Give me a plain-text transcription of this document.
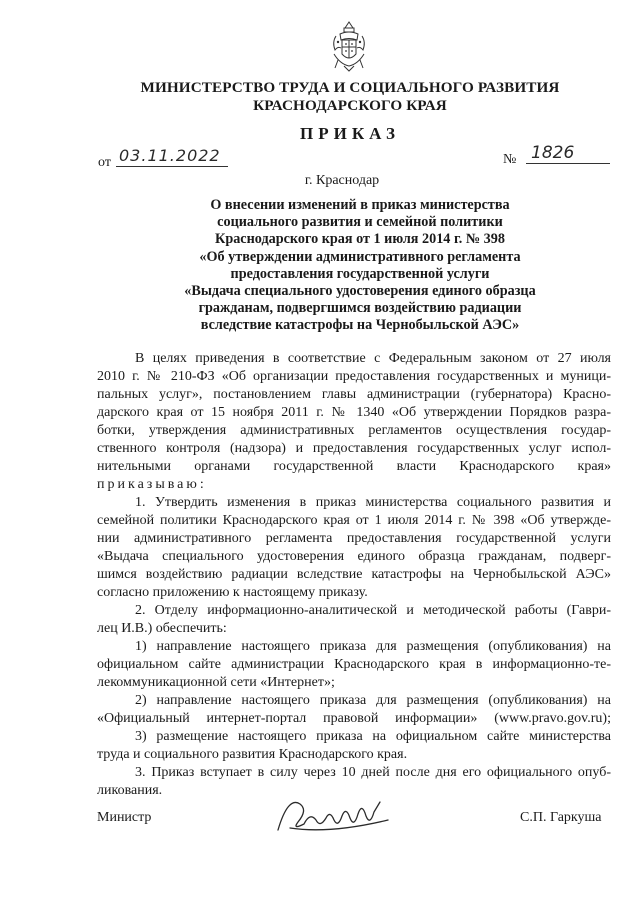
МИНИСТЕРСТВО ТРУДА И СОЦИАЛЬНОГО РАЗВИТИЯ
КРАСНОДАРСКОГО КРАЯ
ПРИКАЗ
от 03.11.2022	№ 1826
г. Краснодар
О внесении изменений в приказ министерства
социального развития и семейной политики
Краснодарского края от 1 июля 2014 г. № 398
«Об утверждении административного регламента
предоставления государственной услуги
«Выдача специального удостоверения единого образца
гражданам, подвергшимся воздействию радиации
вследствие катастрофы на Чернобыльской АЭС»
В целях приведения в соответствие с Федеральным законом от 27 июля
2010 г. № 210-ФЗ «Об организации предоставления государственных и муници-
пальных услуг», постановлением главы администрации (губернатора) Красно-
дарского края от 15 ноября 2011 г. № 1340 «Об утверждении Порядков разра-
ботки, утверждения административных регламентов осуществления государ-
ственного контроля (надзора) и предоставления государственных услуг испол-
нительными органами государственной власти Краснодарского края»
приказываю:
1. Утвердить изменения в приказ министерства социального развития и
семейной политики Краснодарского края от 1 июля 2014 г. № 398 «Об утвержде-
нии административного регламента предоставления государственной услуги
«Выдача специального удостоверения единого образца гражданам, подверг-
шимся воздействию радиации вследствие катастрофы на Чернобыльской АЭС»
согласно приложению к настоящему приказу.
2. Отделу информационно-аналитической и методической работы (Гаври-
лец И.В.) обеспечить:
1) направление настоящего приказа для размещения (опубликования) на
официальном сайте администрации Краснодарского края в информационно-те-
лекоммуникационной сети «Интернет»;
2) направление настоящего приказа для размещения (опубликования) на
«Официальный интернет-портал правовой информации» (www.pravo.gov.ru);
3) размещение настоящего приказа на официальном сайте министерства
труда и социального развития Краснодарского края.
3. Приказ вступает в силу через 10 дней после дня его официального опуб-
ликования.
Министр	С.П. Гаркуша
